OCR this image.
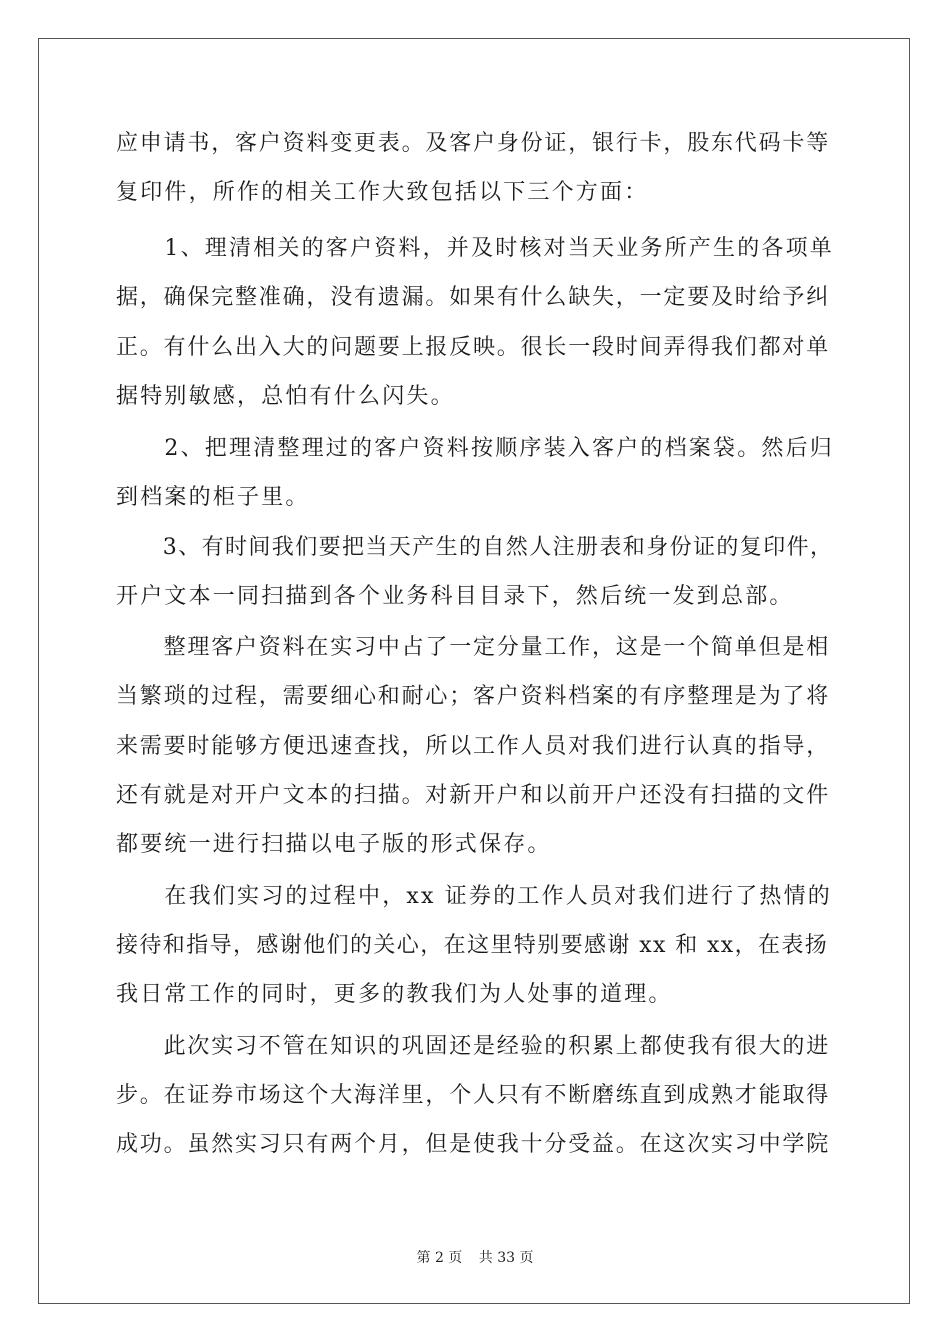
应申请书，客户资料变更表。及客户身份证，银行卡，股东代码卡等
复印件，所作的相关工作大致包括以下三个方面：
　　1、理清相关的客户资料，并及时核对当天业务所产生的各项单
据，确保完整准确，没有遗漏。如果有什么缺失，一定要及时给予纠
正。有什么出入大的问题要上报反映。很长一段时间弄得我们都对单
据特别敏感，总怕有什么闪失。
　　2、把理清整理过的客户资料按顺序装入客户的档案袋。然后归
到档案的柜子里。
　　3、有时间我们要把当天产生的自然人注册表和身份证的复印件，
开户文本一同扫描到各个业务科目目录下，然后统一发到总部。
　　整理客户资料在实习中占了一定分量工作，这是一个简单但是相
当繁琐的过程，需要细心和耐心；客户资料档案的有序整理是为了将
来需要时能够方便迅速查找，所以工作人员对我们进行认真的指导，
还有就是对开户文本的扫描。对新开户和以前开户还没有扫描的文件
都要统一进行扫描以电子版的形式保存。
　　在我们实习的过程中，xx 证券的工作人员对我们进行了热情的
接待和指导，感谢他们的关心，在这里特别要感谢 xx 和 xx，在表扬
我日常工作的同时，更多的教我们为人处事的道理。
　　此次实习不管在知识的巩固还是经验的积累上都使我有很大的进
步。在证券市场这个大海洋里，个人只有不断磨练直到成熟才能取得
成功。虽然实习只有两个月，但是使我十分受益。在这次实习中学院
第 2 页 共 33 页
